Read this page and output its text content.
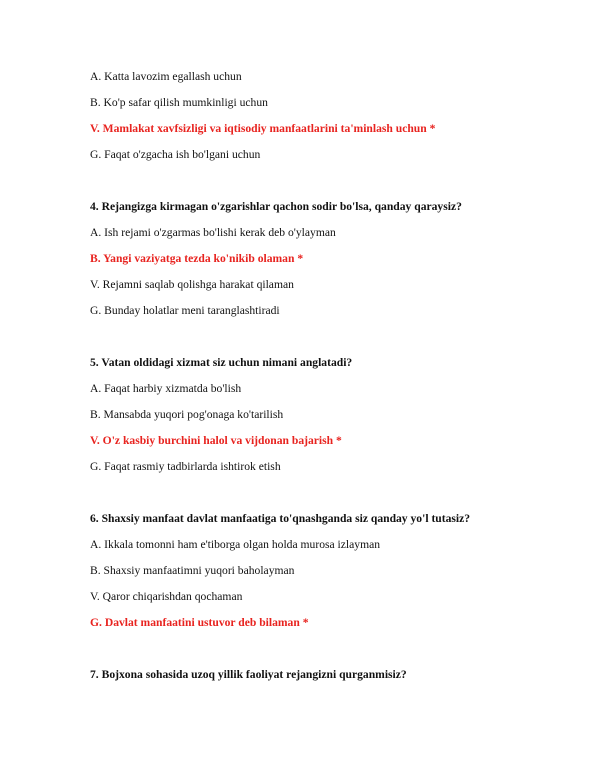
A. Katta lavozim egallash uchun

B. Ko'p safar qilish mumkinligi uchun

V. Mamlakat xavfsizligi va iqtisodiy manfaatlarini ta'minlash uchun *

G. Faqat o'zgacha ish bo'lgani uchun

4. Rejangizga kirmagan o'zgarishlar qachon sodir bo'lsa, qanday qaraysiz?

A. Ish rejami o'zgarmas bo'lishi kerak deb o'ylayman

B. Yangi vaziyatga tezda ko'nikib olaman *

V. Rejamni saqlab qolishga harakat qilaman

G. Bunday holatlar meni taranglashtiradi

5. Vatan oldidagi xizmat siz uchun nimani anglatadi?

A. Faqat harbiy xizmatda bo'lish

B. Mansabda yuqori pog'onaga ko'tarilish

V. O'z kasbiy burchini halol va vijdonan bajarish *

G. Faqat rasmiy tadbirlarda ishtirok etish

6. Shaxsiy manfaat davlat manfaatiga to'qnashganda siz qanday yo'l tutasiz?

A. Ikkala tomonni ham e'tiborga olgan holda murosa izlayman

B. Shaxsiy manfaatimni yuqori baholayman

V. Qaror chiqarishdan qochaman

G. Davlat manfaatini ustuvor deb bilaman *

7. Bojxona sohasida uzoq yillik faoliyat rejangizni qurganmisiz?
